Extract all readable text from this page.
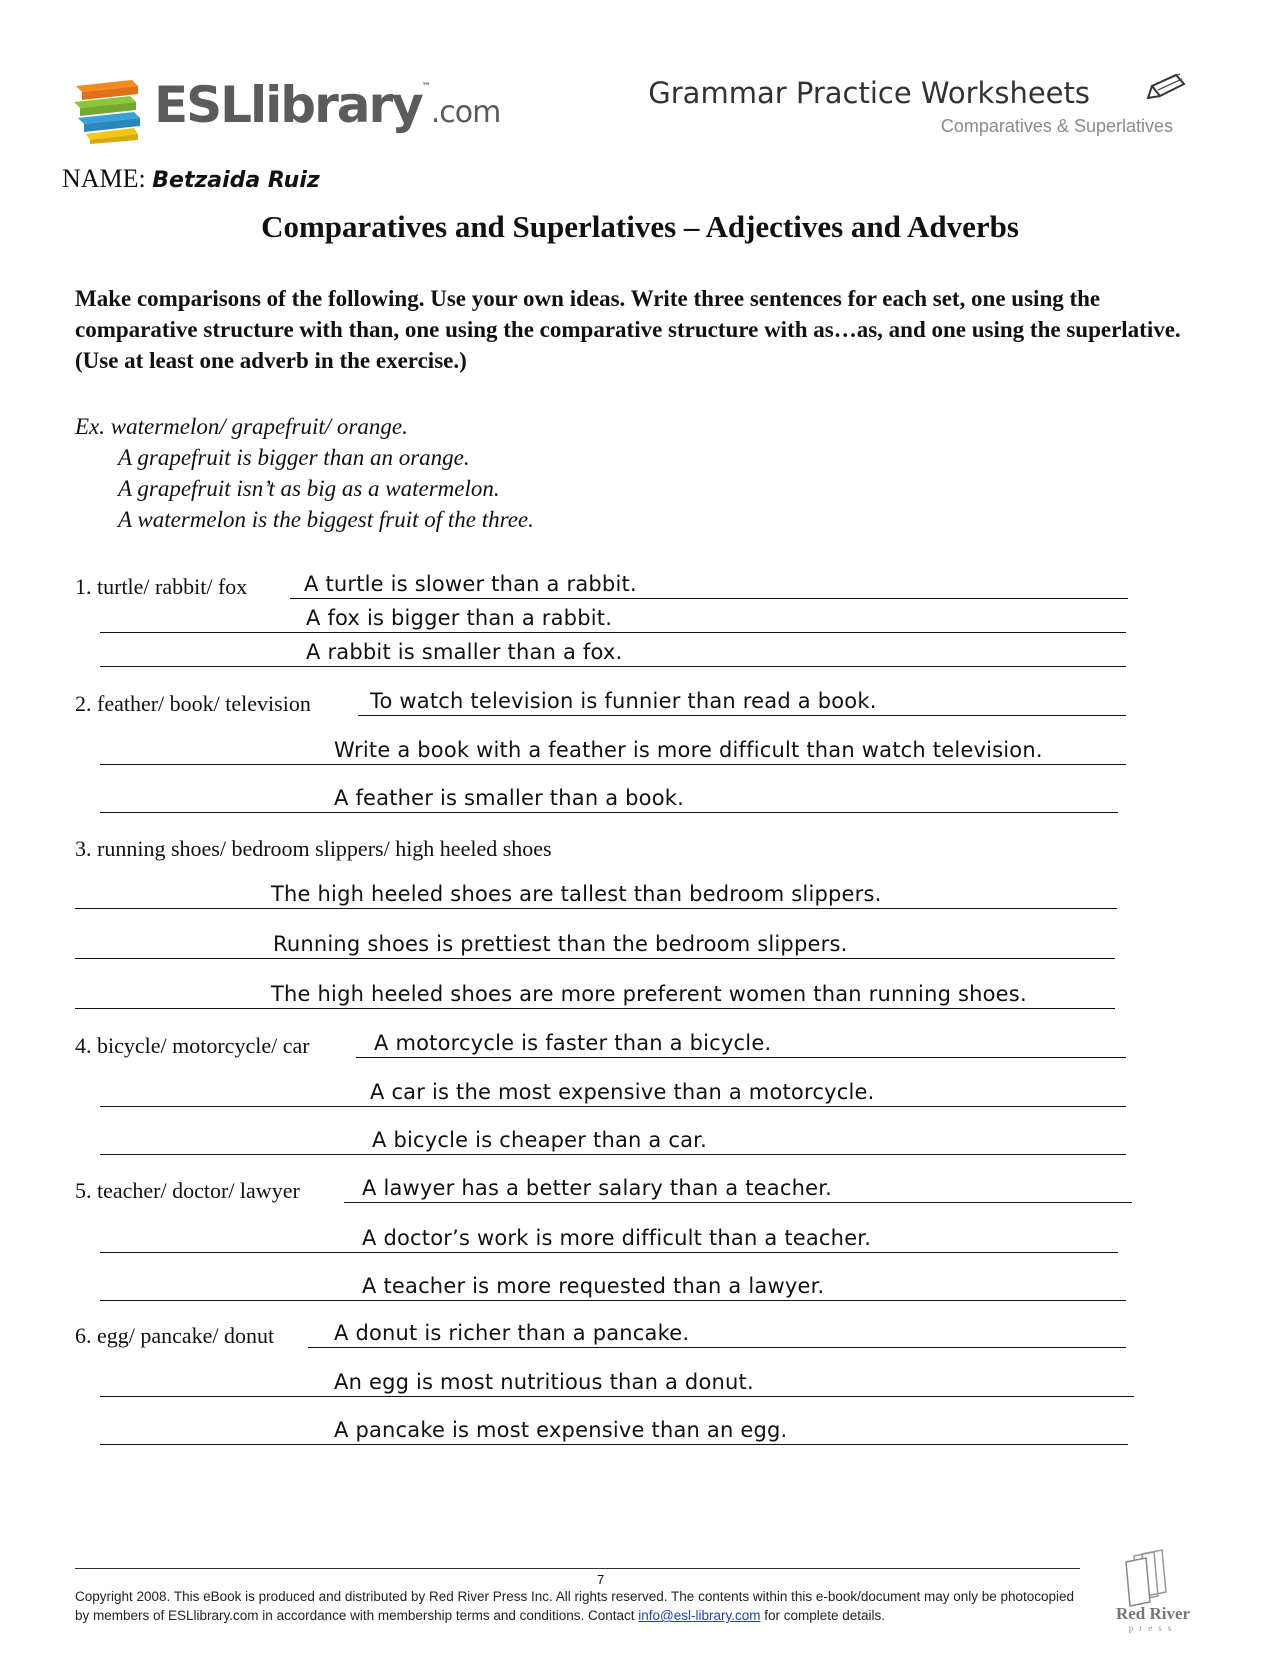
ESLlibrary™.com
Grammar Practice Worksheets
Comparatives & Superlatives
NAME: Betzaida Ruiz
Comparatives and Superlatives – Adjectives and Adverbs
Make comparisons of the following. Use your own ideas. Write three sentences for each set, one using the comparative structure with than, one using the comparative structure with as…as, and one using the superlative. (Use at least one adverb in the exercise.)
Ex. watermelon/ grapefruit/ orange.
A grapefruit is bigger than an orange.
A grapefruit isn’t as big as a watermelon.
A watermelon is the biggest fruit of the three.
1. turtle/ rabbit/ fox	A turtle is slower than a rabbit.
A fox is bigger than a rabbit.
A rabbit is smaller than a fox.
2. feather/ book/ television	To watch television is funnier than read a book.
Write a book with a feather is more difficult than watch television.
A feather is smaller than a book.
3. running shoes/ bedroom slippers/ high heeled shoes
The high heeled shoes are tallest than bedroom slippers.
Running shoes is prettiest than the bedroom slippers.
The high heeled shoes are more preferent women than running shoes.
4. bicycle/ motorcycle/ car	A motorcycle is faster than a bicycle.
A car is the most expensive than a motorcycle.
A bicycle is cheaper than a car.
5. teacher/ doctor/ lawyer	A lawyer has a better salary than a teacher.
A doctor’s work is more difficult than a teacher.
A teacher is more requested than a lawyer.
6. egg/ pancake/ donut	A donut is richer than a pancake.
An egg is most nutritious than a donut.
A pancake is most expensive than an egg.
7
Copyright 2008. This eBook is produced and distributed by Red River Press Inc. All rights reserved. The contents within this e-book/document may only be photocopied by members of ESLlibrary.com in accordance with membership terms and conditions. Contact info@esl-library.com for complete details.	Red River
press
